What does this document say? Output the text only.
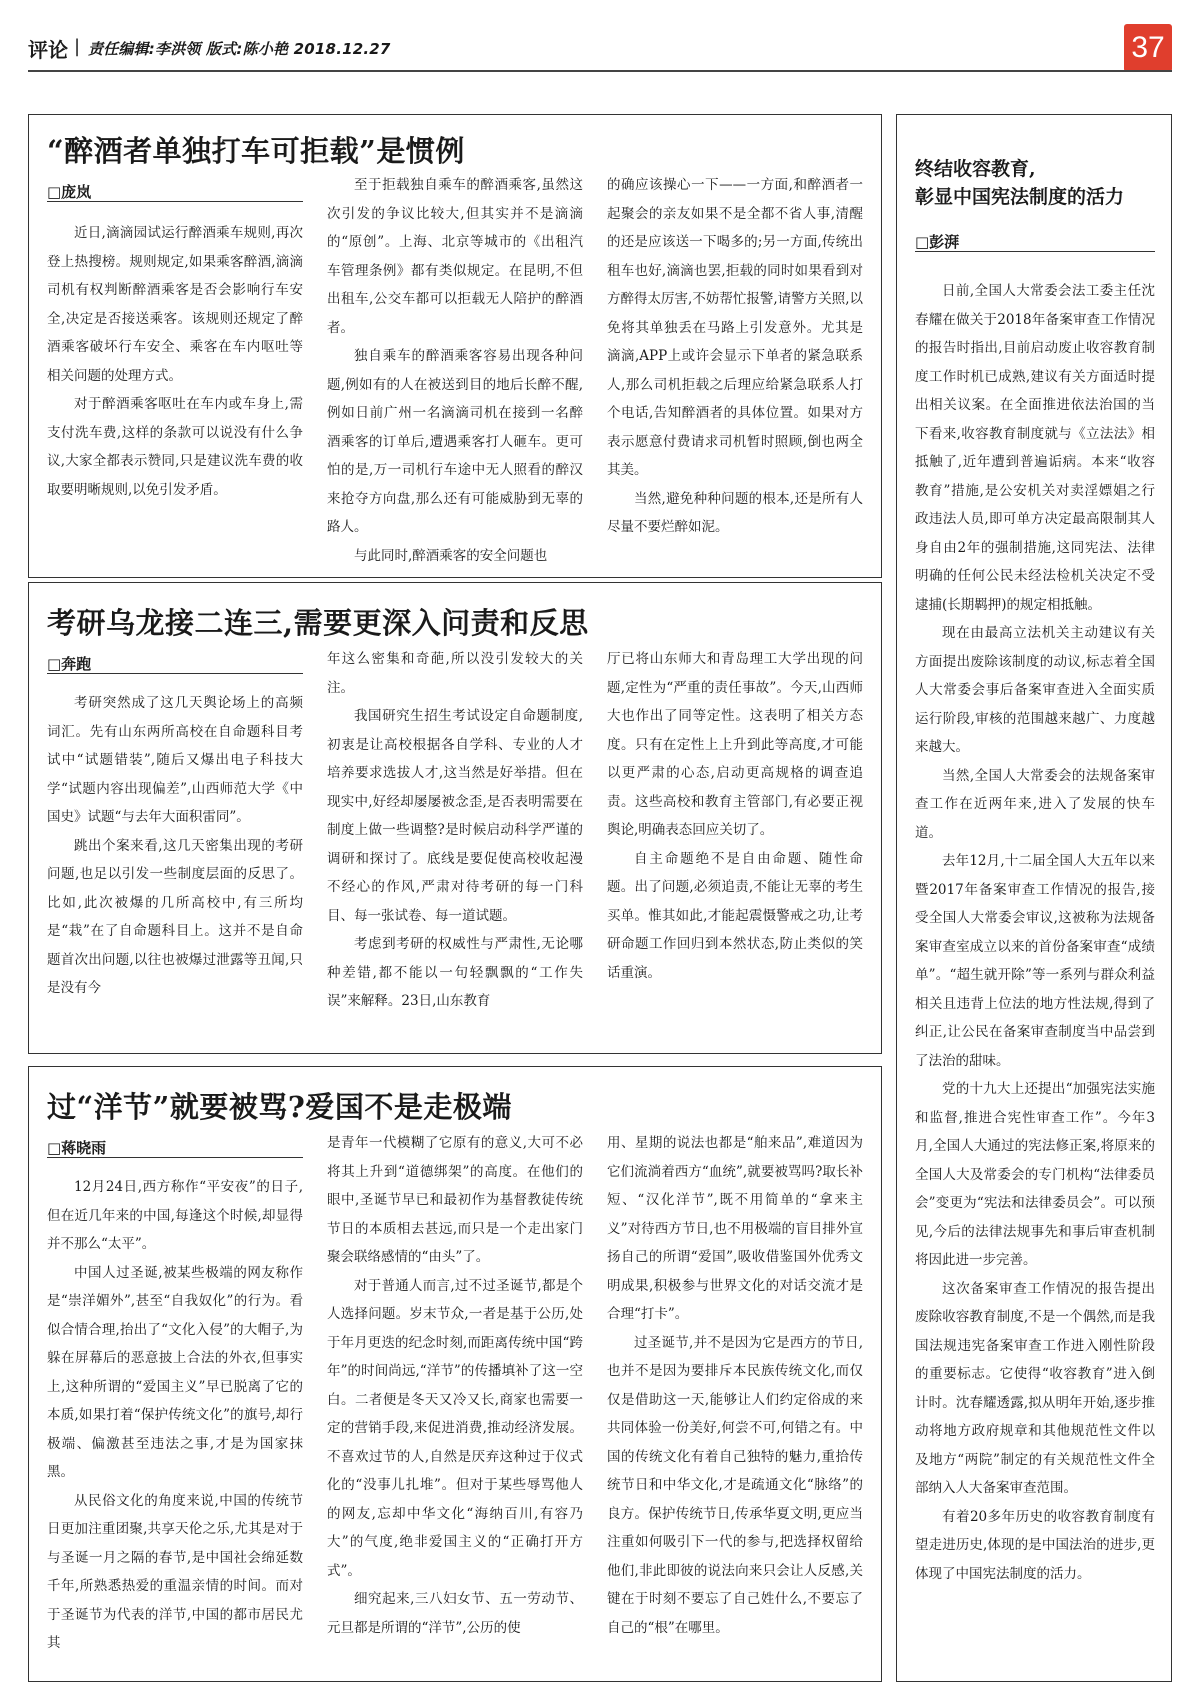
评论 | 责任编辑:李洪领 版式:陈小艳 2018.12.27	37
“醉酒者单独打车可拒载”是惯例
□庞岚

近日,滴滴园试运行醉酒乘车规则,再次登上热搜榜。规则规定,如果乘客醉酒,滴滴司机有权判断醉酒乘客是否会影响行车安全,决定是否接送乘客。该规则还规定了醉酒乘客破坏行车安全、乘客在车内呕吐等相关问题的处理方式。

对于醉酒乘客呕吐在车内或车身上,需支付洗车费,这样的条款可以说没有什么争议,大家全都表示赞同,只是建议洗车费的收取要明晰规则,以免引发矛盾。

至于拒载独自乘车的醉酒乘客,虽然这次引发的争议比较大,但其实并不是滴滴的“原创”。上海、北京等城市的《出租汽车管理条例》都有类似规定。在昆明,不但出租车,公交车都可以拒载无人陪护的醉酒者。

独自乘车的醉酒乘客容易出现各种问题,例如有的人在被送到目的地后长醉不醒,例如日前广州一名滴滴司机在接到一名醉酒乘客的订单后,遭遇乘客打人砸车。更可怕的是,万一司机行车途中无人照看的醉汉来抢夺方向盘,那么还有可能威胁到无辜的路人。

与此同时,醉酒乘客的安全问题也

的确应该操心一下——一方面,和醉酒者一起聚会的亲友如果不是全都不省人事,清醒的还是应该送一下喝多的;另一方面,传统出租车也好,滴滴也罢,拒载的同时如果看到对方醉得太厉害,不妨帮忙报警,请警方关照,以免将其单独丢在马路上引发意外。尤其是滴滴,APP上或许会显示下单者的紧急联系人,那么司机拒载之后理应给紧急联系人打个电话,告知醉酒者的具体位置。如果对方表示愿意付费请求司机暂时照顾,倒也两全其美。

当然,避免种种问题的根本,还是所有人尽量不要烂醉如泥。

考研乌龙接二连三,需要更深入问责和反思
□奔跑

考研突然成了这几天舆论场上的高频词汇。先有山东两所高校在自命题科目考试中“试题错装”,随后又爆出电子科技大学“试题内容出现偏差”,山西师范大学《中国史》试题“与去年大面积雷同”。

跳出个案来看,这几天密集出现的考研问题,也足以引发一些制度层面的反思了。比如,此次被爆的几所高校中,有三所均是“栽”在了自命题科目上。这并不是自命题首次出问题,以往也被爆过泄露等丑闻,只是没有今

年这么密集和奇葩,所以没引发较大的关注。

我国研究生招生考试设定自命题制度,初衷是让高校根据各自学科、专业的人才培养要求选拔人才,这当然是好举措。但在现实中,好经却屡屡被念歪,是否表明需要在制度上做一些调整?是时候启动科学严谨的调研和探讨了。底线是要促使高校收起漫不经心的作风,严肃对待考研的每一门科目、每一张试卷、每一道试题。

考虑到考研的权威性与严肃性,无论哪种差错,都不能以一句轻飘飘的“工作失误”来解释。23日,山东教育

厅已将山东师大和青岛理工大学出现的问题,定性为“严重的责任事故”。今天,山西师大也作出了同等定性。这表明了相关方态度。只有在定性上上升到此等高度,才可能以更严肃的心态,启动更高规格的调查追责。这些高校和教育主管部门,有必要正视舆论,明确表态回应关切了。

自主命题绝不是自由命题、随性命题。出了问题,必须追责,不能让无辜的考生买单。惟其如此,才能起震慑警戒之功,让考研命题工作回归到本然状态,防止类似的笑话重演。

过“洋节”就要被骂?爱国不是走极端
□蒋晓雨

12月24日,西方称作“平安夜”的日子,但在近几年来的中国,每逢这个时候,却显得并不那么“太平”。

中国人过圣诞,被某些极端的网友称作是“崇洋媚外”,甚至“自我奴化”的行为。看似合情合理,抬出了“文化入侵”的大帽子,为躲在屏幕后的恶意披上合法的外衣,但事实上,这种所谓的“爱国主义”早已脱离了它的本质,如果打着“保护传统文化”的旗号,却行极端、偏激甚至违法之事,才是为国家抹黑。

从民俗文化的角度来说,中国的传统节日更加注重团聚,共享天伦之乐,尤其是对于与圣诞一月之隔的春节,是中国社会绵延数千年,所熟悉热爱的重温亲情的时间。而对于圣诞节为代表的洋节,中国的都市居民尤其

是青年一代模糊了它原有的意义,大可不必将其上升到“道德绑架”的高度。在他们的眼中,圣诞节早已和最初作为基督教徒传统节日的本质相去甚远,而只是一个走出家门聚会联络感情的“由头”了。

对于普通人而言,过不过圣诞节,都是个人选择问题。岁末节众,一者是基于公历,处于年月更迭的纪念时刻,而距离传统中国“跨年”的时间尚远,“洋节”的传播填补了这一空白。二者便是冬天又冷又长,商家也需要一定的营销手段,来促进消费,推动经济发展。不喜欢过节的人,自然是厌弃这种过于仪式化的“没事儿扎堆”。但对于某些辱骂他人的网友,忘却中华文化“海纳百川,有容乃大”的气度,绝非爱国主义的“正确打开方式”。

细究起来,三八妇女节、五一劳动节、元旦都是所谓的“洋节”,公历的使

用、星期的说法也都是“舶来品”,难道因为它们流淌着西方“血统”,就要被骂吗?取长补短、“汉化洋节”,既不用简单的“拿来主义”对待西方节日,也不用极端的盲目排外宣扬自己的所谓“爱国”,吸收借鉴国外优秀文明成果,积极参与世界文化的对话交流才是合理“打卡”。

过圣诞节,并不是因为它是西方的节日,也并不是因为要排斥本民族传统文化,而仅仅是借助这一天,能够让人们约定俗成的来共同体验一份美好,何尝不可,何错之有。中国的传统文化有着自己独特的魅力,重拾传统节日和中华文化,才是疏通文化“脉络”的良方。保护传统节日,传承华夏文明,更应当注重如何吸引下一代的参与,把选择权留给他们,非此即彼的说法向来只会让人反感,关键在于时刻不要忘了自己姓什么,不要忘了自己的“根”在哪里。

终结收容教育,
彰显中国宪法制度的活力
□彭湃

日前,全国人大常委会法工委主任沈春耀在做关于2018年备案审查工作情况的报告时指出,目前启动废止收容教育制度工作时机已成熟,建议有关方面适时提出相关议案。在全面推进依法治国的当下看来,收容教育制度就与《立法法》相抵触了,近年遭到普遍诟病。本来“收容教育”措施,是公安机关对卖淫嫖娼之行政违法人员,即可单方决定最高限制其人身自由2年的强制措施,这同宪法、法律明确的任何公民未经法检机关决定不受逮捕(长期羁押)的规定相抵触。

现在由最高立法机关主动建议有关方面提出废除该制度的动议,标志着全国人大常委会事后备案审查进入全面实质运行阶段,审核的范围越来越广、力度越来越大。

当然,全国人大常委会的法规备案审查工作在近两年来,进入了发展的快车道。

去年12月,十二届全国人大五年以来暨2017年备案审查工作情况的报告,接受全国人大常委会审议,这被称为法规备案审查室成立以来的首份备案审查“成绩单”。“超生就开除”等一系列与群众利益相关且违背上位法的地方性法规,得到了纠正,让公民在备案审查制度当中品尝到了法治的甜味。

党的十九大上还提出“加强宪法实施和监督,推进合宪性审查工作”。今年3月,全国人大通过的宪法修正案,将原来的全国人大及常委会的专门机构“法律委员会”变更为“宪法和法律委员会”。可以预见,今后的法律法规事先和事后审查机制将因此进一步完善。

这次备案审查工作情况的报告提出废除收容教育制度,不是一个偶然,而是我国法规违宪备案审查工作进入刚性阶段的重要标志。它使得“收容教育”进入倒计时。沈春耀透露,拟从明年开始,逐步推动将地方政府规章和其他规范性文件以及地方“两院”制定的有关规范性文件全部纳入人大备案审查范围。

有着20多年历史的收容教育制度有望走进历史,体现的是中国法治的进步,更体现了中国宪法制度的活力。
